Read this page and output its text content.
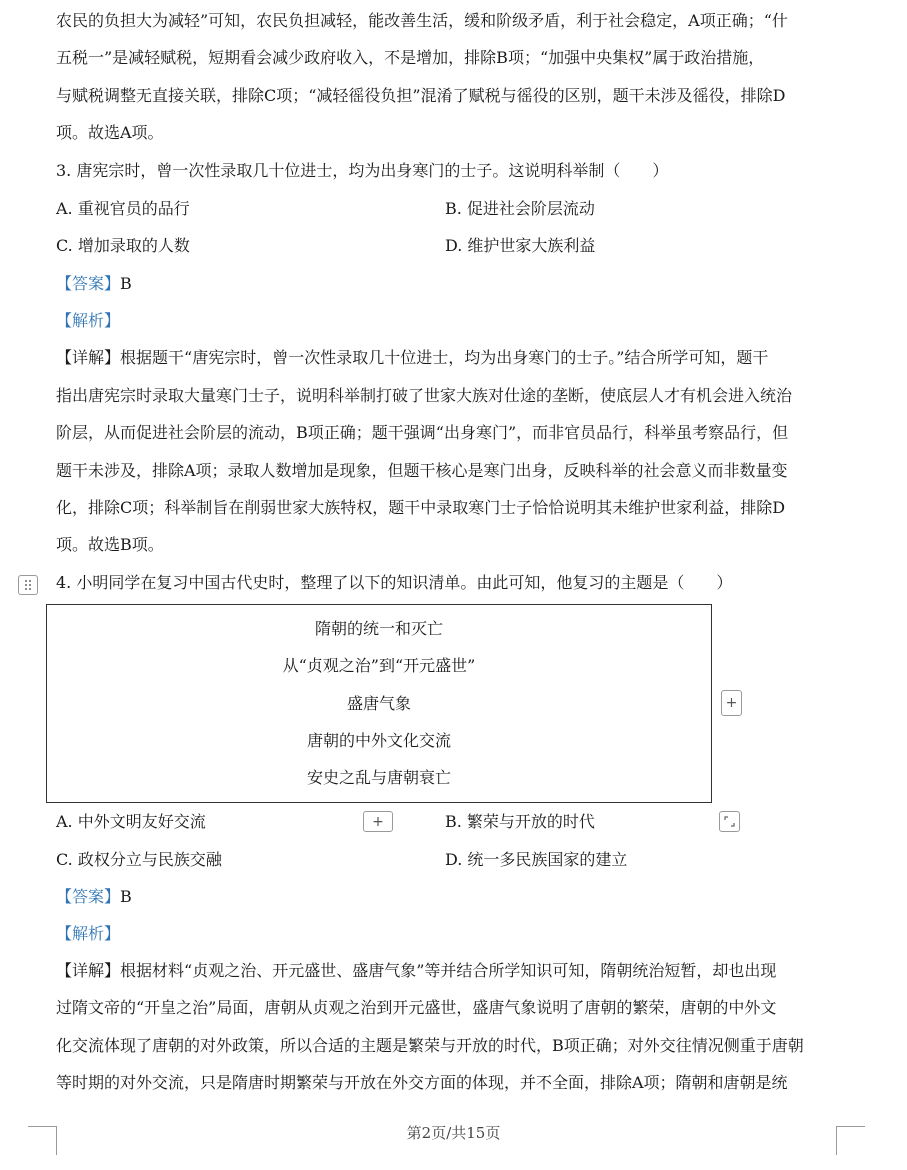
农民的负担大为减轻”可知，农民负担减轻，能改善生活，缓和阶级矛盾，利于社会稳定，A项正确；“什
五税一”是减轻赋税，短期看会减少政府收入，不是增加，排除B项；“加强中央集权”属于政治措施，
与赋税调整无直接关联，排除C项；“减轻徭役负担”混淆了赋税与徭役的区别，题干未涉及徭役，排除D
项。故选A项。
3. 唐宪宗时，曾一次性录取几十位进士，均为出身寒门的士子。这说明科举制（　　）
A. 重视官员的品行	B. 促进社会阶层流动
C. 增加录取的人数	D. 维护世家大族利益
【答案】B
【解析】
【详解】根据题干“唐宪宗时，曾一次性录取几十位进士，均为出身寒门的士子。”结合所学可知，题干
指出唐宪宗时录取大量寒门士子，说明科举制打破了世家大族对仕途的垄断，使底层人才有机会进入统治
阶层，从而促进社会阶层的流动，B项正确；题干强调“出身寒门”，而非官员品行，科举虽考察品行，但
题干未涉及，排除A项；录取人数增加是现象，但题干核心是寒门出身，反映科举的社会意义而非数量变
化，排除C项；科举制旨在削弱世家大族特权，题干中录取寒门士子恰恰说明其未维护世家利益，排除D
项。故选B项。
4. 小明同学在复习中国古代史时，整理了以下的知识清单。由此可知，他复习的主题是（　　）
隋朝的统一和灭亡
从“贞观之治”到“开元盛世”
盛唐气象
唐朝的中外文化交流
安史之乱与唐朝衰亡
+
+
A. 中外文明友好交流	B. 繁荣与开放的时代
C. 政权分立与民族交融	D. 统一多民族国家的建立
【答案】B
【解析】
【详解】根据材料“贞观之治、开元盛世、盛唐气象”等并结合所学知识可知，隋朝统治短暂，却也出现
过隋文帝的“开皇之治”局面，唐朝从贞观之治到开元盛世，盛唐气象说明了唐朝的繁荣，唐朝的中外文
化交流体现了唐朝的对外政策，所以合适的主题是繁荣与开放的时代，B项正确；对外交往情况侧重于唐朝
等时期的对外交流，只是隋唐时期繁荣与开放在外交方面的体现，并不全面，排除A项；隋朝和唐朝是统
第2页/共15页
